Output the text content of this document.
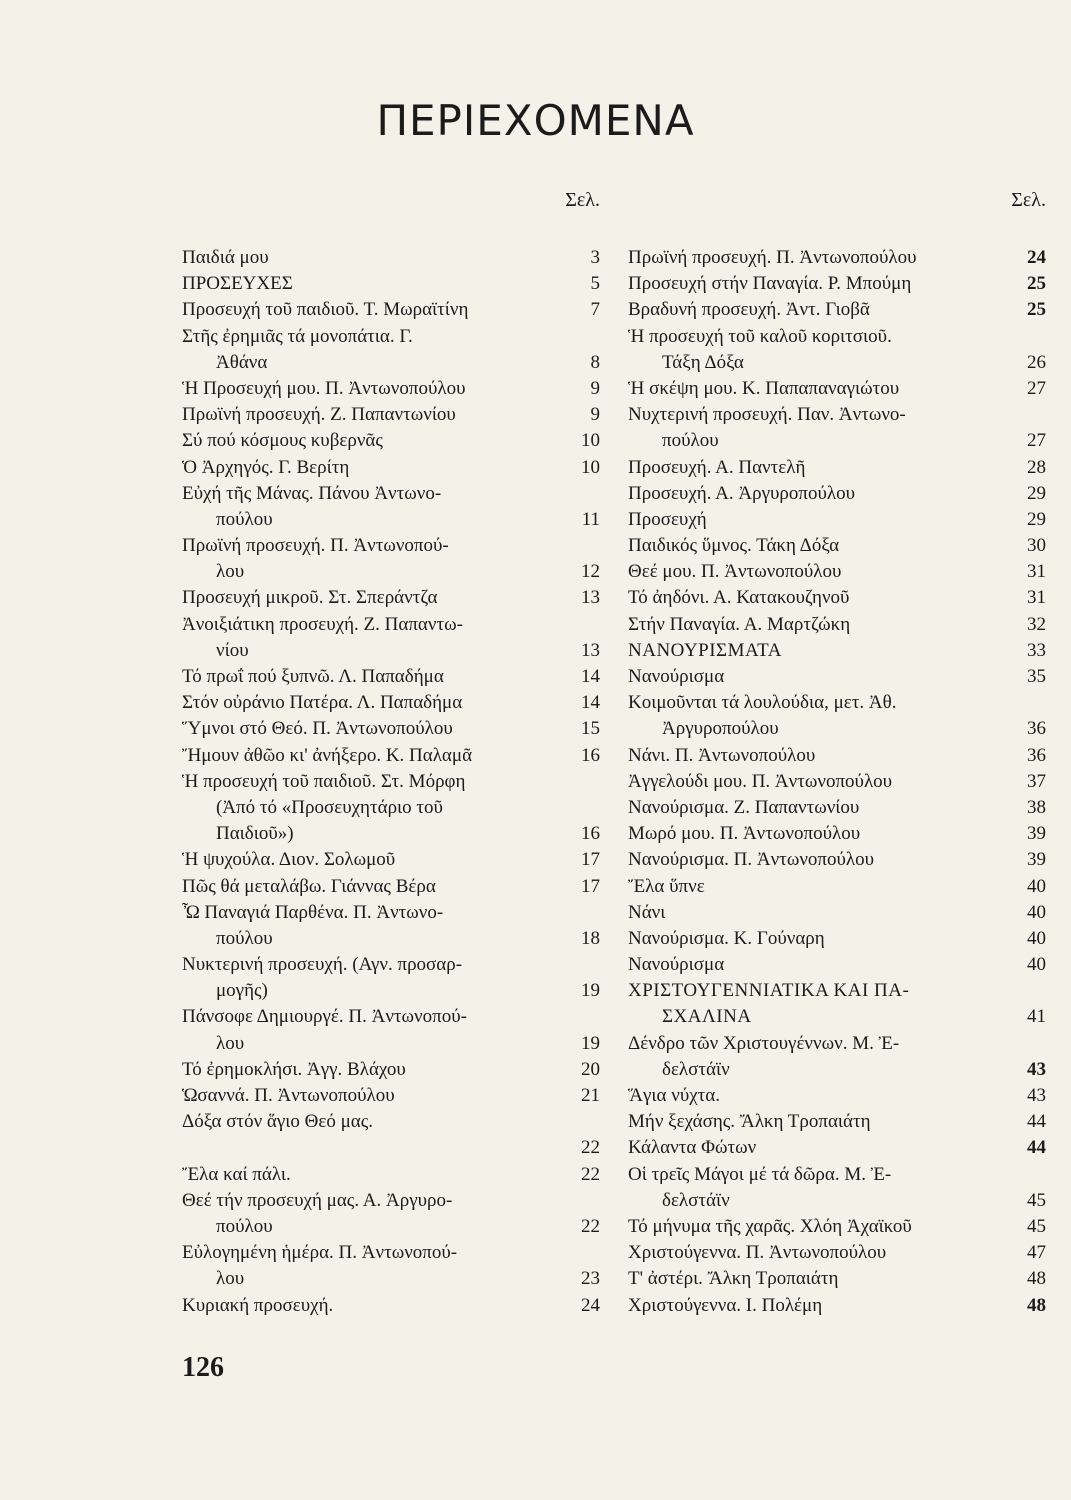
ΠΕΡΙΕΧΟΜΕΝΑ
Σελ.
Παιδιά μου	3
ΠΡΟΣΕΥΧΕΣ	5
Προσευχή τοῦ παιδιοῦ. Τ. Μωραϊτίνη	7
Στῆς ἐρημιᾶς τά μονοπάτια. Γ.
Ἀθάνα	8
Ἡ Προσευχή μου. Π. Ἀντωνοπούλου	9
Πρωϊνή προσευχή. Ζ. Παπαντωνίου	9
Σύ πού κόσμους κυβερνᾶς	10
Ὁ Ἀρχηγός. Γ. Βερίτη	10
Εὐχή τῆς Μάνας. Πάνου Ἀντωνο-
πούλου	11
Πρωϊνή προσευχή. Π. Ἀντωνοπού-
λου	12
Προσευχή μικροῦ. Στ. Σπεράντζα	13
Ἀνοιξιάτικη προσευχή. Ζ. Παπαντω-
νίου	13
Τό πρωΐ πού ξυπνῶ. Λ. Παπαδήμα	14
Στόν οὐράνιο Πατέρα. Λ. Παπαδήμα	14
Ὕμνοι στό Θεό. Π. Ἀντωνοπούλου	15
Ἤμουν ἀθῶο κι' ἀνήξερο. Κ. Παλαμᾶ	16
Ἡ προσευχή τοῦ παιδιοῦ. Στ. Μόρφη
(Ἀπό τό «Προσευχητάριο τοῦ
Παιδιοῦ»)	16
Ἡ ψυχούλα. Διον. Σολωμοῦ	17
Πῶς θά μεταλάβω. Γιάννας Βέρα	17
Ὦ Παναγιά Παρθένα. Π. Ἀντωνο-
πούλου	18
Νυκτερινή προσευχή. (Αγν. προσαρ-
μογῆς)	19
Πάνσοφε Δημιουργέ. Π. Ἀντωνοπού-
λου	19
Τό ἐρημοκλήσι. Ἀγγ. Βλάχου	20
Ὡσαννά. Π. Ἀντωνοπούλου	21
Δόξα στόν ἅγιο Θεό μας.
22
Ἔλα καί πάλι.	22
Θεέ τήν προσευχή μας. Α. Ἀργυρο-
πούλου	22
Εὐλογημένη ἡμέρα. Π. Ἀντωνοπού-
λου	23
Κυριακή προσευχή.	24
Σελ.
Πρωϊνή προσευχή. Π. Ἀντωνοπούλου	24
Προσευχή στήν Παναγία. Ρ. Μπούμη	25
Βραδυνή προσευχή. Ἀντ. Γιοβᾶ	25
Ἡ προσευχή τοῦ καλοῦ κοριτσιοῦ.
Τάξη Δόξα	26
Ἡ σκέψη μου. Κ. Παπαπαναγιώτου	27
Νυχτερινή προσευχή. Παν. Ἀντωνο-
πούλου	27
Προσευχή. Α. Παντελῆ	28
Προσευχή. Α. Ἀργυροπούλου	29
Προσευχή	29
Παιδικός ὕμνος. Τάκη Δόξα	30
Θεέ μου. Π. Ἀντωνοπούλου	31
Τό ἀηδόνι. Α. Κατακουζηνοῦ	31
Στήν Παναγία. Α. Μαρτζώκη	32
ΝΑΝΟΥΡΙΣΜΑΤΑ	33
Νανούρισμα	35
Κοιμοῦνται τά λουλούδια, μετ. Ἀθ.
Ἀργυροπούλου	36
Νάνι. Π. Ἀντωνοπούλου	36
Ἀγγελούδι μου. Π. Ἀντωνοπούλου	37
Νανούρισμα. Ζ. Παπαντωνίου	38
Μωρό μου. Π. Ἀντωνοπούλου	39
Νανούρισμα. Π. Ἀντωνοπούλου	39
Ἔλα ὕπνε	40
Νάνι	40
Νανούρισμα. Κ. Γούναρη	40
Νανούρισμα	40
ΧΡΙΣΤΟΥΓΕΝΝΙΑΤΙΚΑ ΚΑΙ ΠΑ-
ΣΧΑΛΙΝΑ	41
Δένδρο τῶν Χριστουγέννων. Μ. Ἐ-
δελστάϊν	43
Ἅγια νύχτα.	43
Μήν ξεχάσης. Ἄλκη Τροπαιάτη	44
Κάλαντα Φώτων	44
Οἱ τρεῖς Μάγοι μέ τά δῶρα. Μ. Ἐ-
δελστάϊν	45
Τό μήνυμα τῆς χαρᾶς. Χλόη Ἀχαϊκοῦ	45
Χριστούγεννα. Π. Ἀντωνοπούλου	47
Τ' ἀστέρι. Ἄλκη Τροπαιάτη	48
Χριστούγεννα. Ι. Πολέμη	48
126
